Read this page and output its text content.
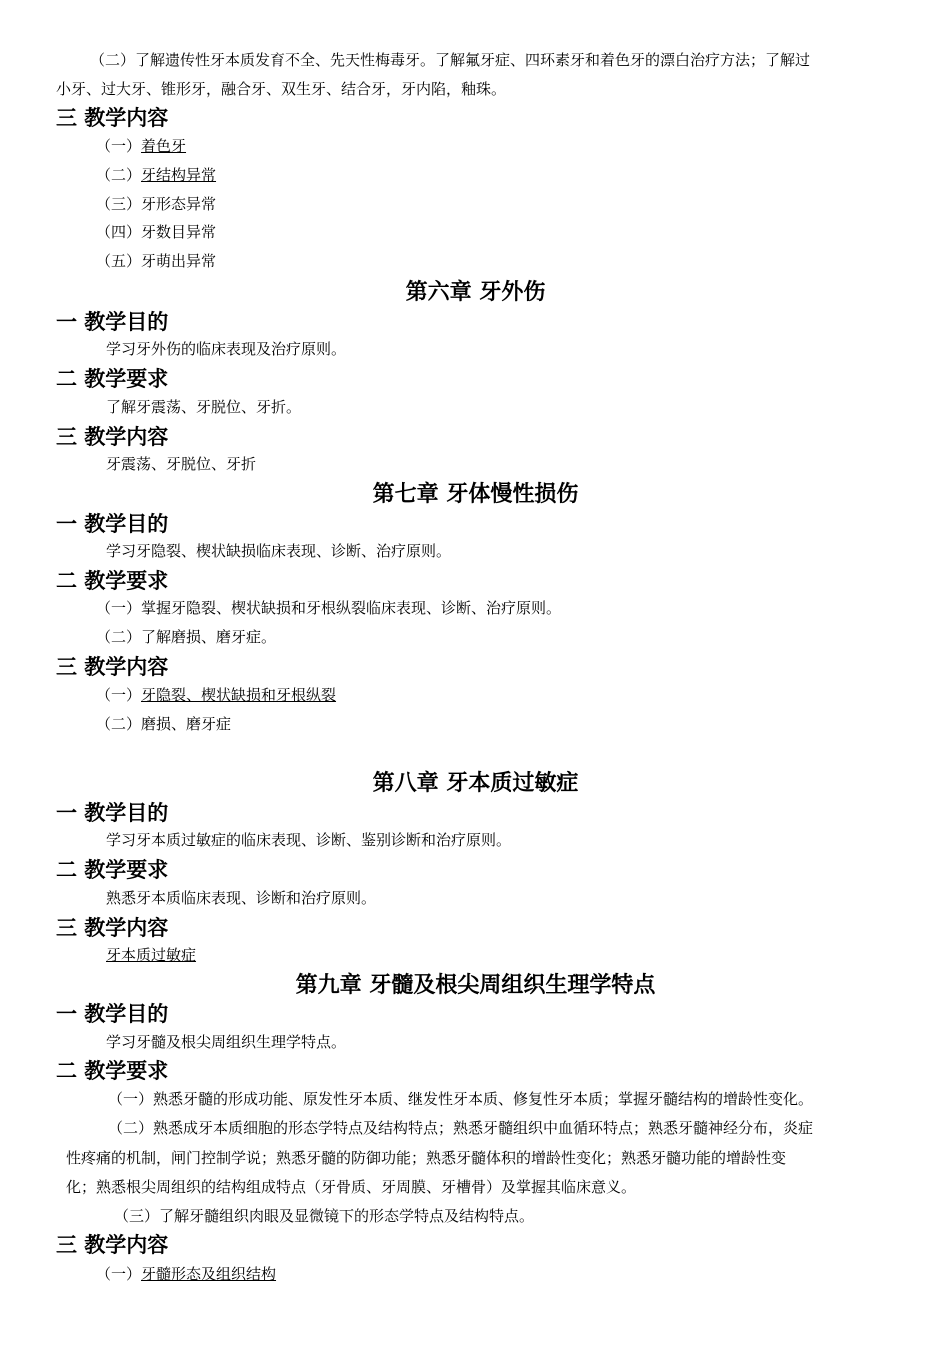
（二）了解遗传性牙本质发育不全、先天性梅毒牙。了解氟牙症、四环素牙和着色牙的漂白治疗方法；了解过
小牙、过大牙、锥形牙，融合牙、双生牙、结合牙，牙内陷，釉珠。
三 教学内容
（一）着色牙
（二）牙结构异常
（三）牙形态异常
（四）牙数目异常
（五）牙萌出异常
第六章 牙外伤
一 教学目的
学习牙外伤的临床表现及治疗原则。
二 教学要求
了解牙震荡、牙脱位、牙折。
三 教学内容
牙震荡、牙脱位、牙折
第七章 牙体慢性损伤
一 教学目的
学习牙隐裂、楔状缺损临床表现、诊断、治疗原则。
二 教学要求
（一）掌握牙隐裂、楔状缺损和牙根纵裂临床表现、诊断、治疗原则。
（二）了解磨损、磨牙症。
三 教学内容
（一）牙隐裂、楔状缺损和牙根纵裂
（二）磨损、磨牙症
第八章 牙本质过敏症
一 教学目的
学习牙本质过敏症的临床表现、诊断、鉴别诊断和治疗原则。
二 教学要求
熟悉牙本质临床表现、诊断和治疗原则。
三 教学内容
牙本质过敏症
第九章 牙髓及根尖周组织生理学特点
一 教学目的
学习牙髓及根尖周组织生理学特点。
二 教学要求
（一）熟悉牙髓的形成功能、原发性牙本质、继发性牙本质、修复性牙本质；掌握牙髓结构的增龄性变化。
（二）熟悉成牙本质细胞的形态学特点及结构特点；熟悉牙髓组织中血循环特点；熟悉牙髓神经分布，炎症
性疼痛的机制，闸门控制学说；熟悉牙髓的防御功能；熟悉牙髓体积的增龄性变化；熟悉牙髓功能的增龄性变
化；熟悉根尖周组织的结构组成特点（牙骨质、牙周膜、牙槽骨）及掌握其临床意义。
（三）了解牙髓组织肉眼及显微镜下的形态学特点及结构特点。
三 教学内容
（一）牙髓形态及组织结构
